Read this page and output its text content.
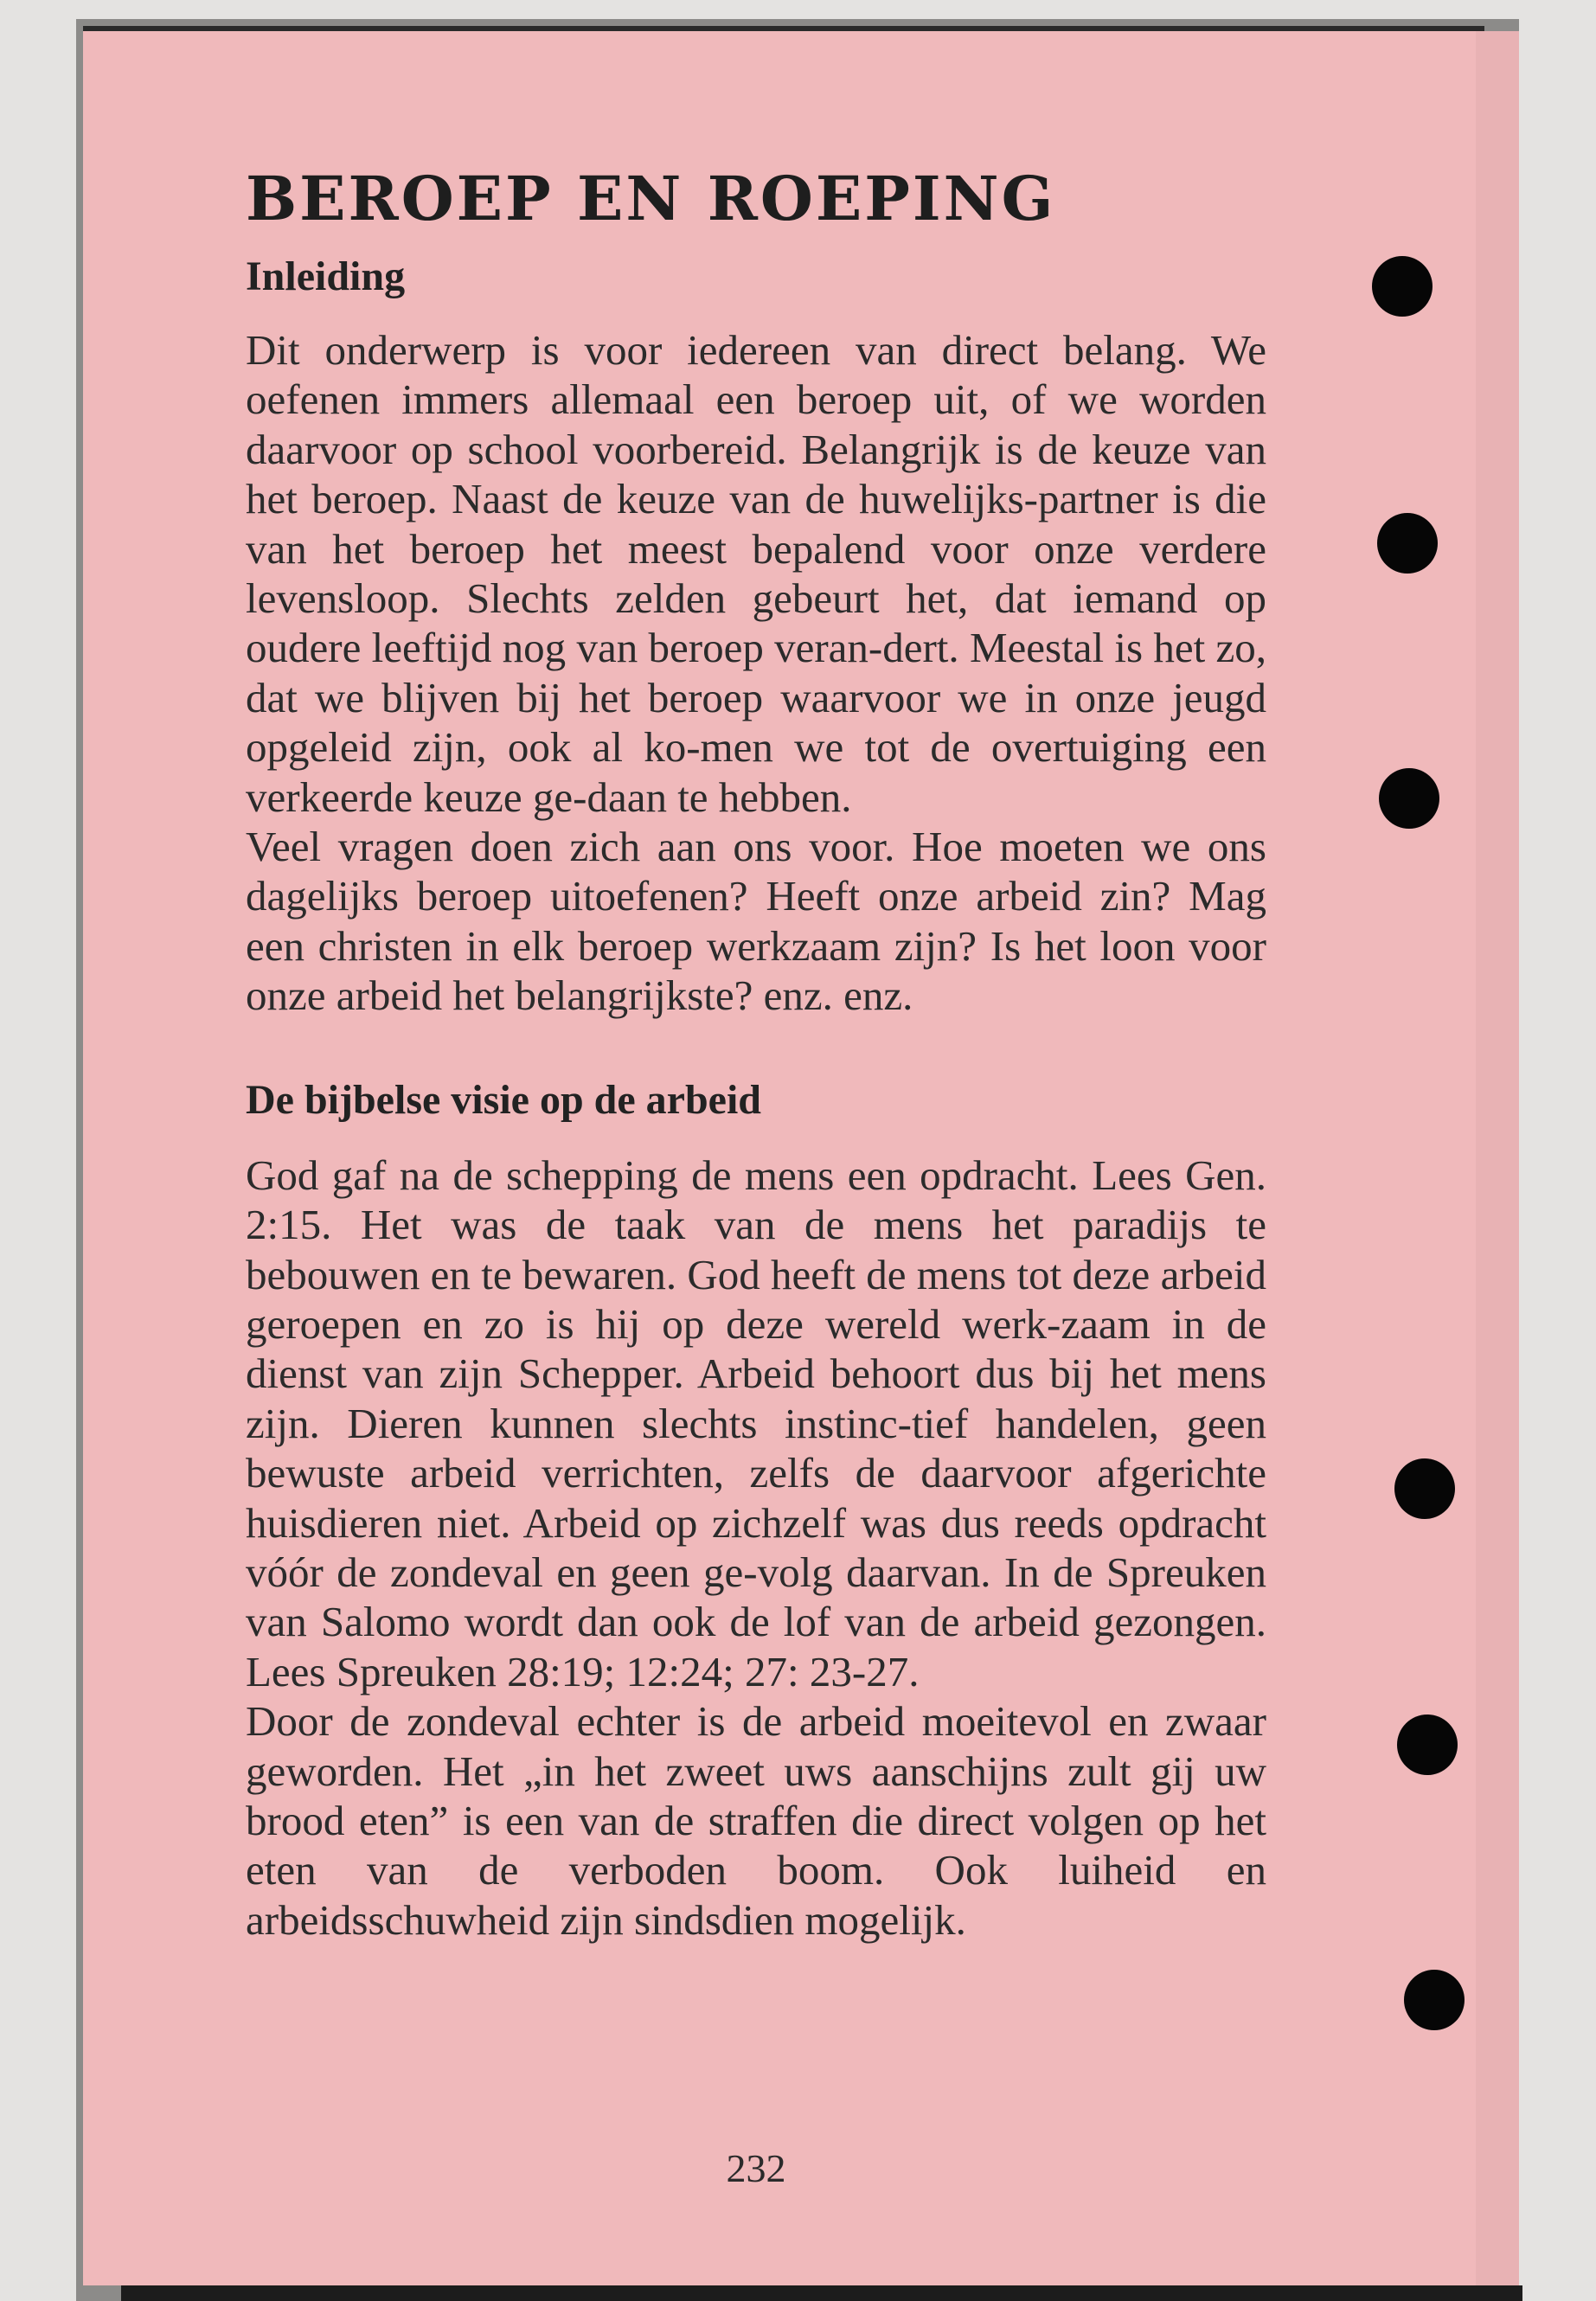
BEROEP EN ROEPING
Inleiding

Dit onderwerp is voor iedereen van direct belang. We oefenen immers allemaal een beroep uit, of we worden daarvoor op school voorbereid. Belangrijk is de keuze van het beroep. Naast de keuze van de huwelijks-partner is die van het beroep het meest bepalend voor onze verdere levensloop. Slechts zelden gebeurt het, dat iemand op oudere leeftijd nog van beroep veran-dert. Meestal is het zo, dat we blijven bij het beroep waarvoor we in onze jeugd opgeleid zijn, ook al ko-men we tot de overtuiging een verkeerde keuze ge-daan te hebben.

Veel vragen doen zich aan ons voor. Hoe moeten we ons dagelijks beroep uitoefenen? Heeft onze arbeid zin? Mag een christen in elk beroep werkzaam zijn? Is het loon voor onze arbeid het belangrijkste? enz. enz.

De bijbelse visie op de arbeid

God gaf na de schepping de mens een opdracht. Lees Gen. 2:15. Het was de taak van de mens het paradijs te bebouwen en te bewaren. God heeft de mens tot deze arbeid geroepen en zo is hij op deze wereld werk-zaam in de dienst van zijn Schepper. Arbeid behoort dus bij het mens zijn. Dieren kunnen slechts instinc-tief handelen, geen bewuste arbeid verrichten, zelfs de daarvoor afgerichte huisdieren niet. Arbeid op zichzelf was dus reeds opdracht vóór de zondeval en geen ge-volg daarvan. In de Spreuken van Salomo wordt dan ook de lof van de arbeid gezongen. Lees Spreuken 28:19; 12:24; 27: 23-27.

Door de zondeval echter is de arbeid moeitevol en zwaar geworden. Het „in het zweet uws aanschijns zult gij uw brood eten” is een van de straffen die direct volgen op het eten van de verboden boom. Ook luiheid en arbeidsschuwheid zijn sindsdien mogelijk.

232
